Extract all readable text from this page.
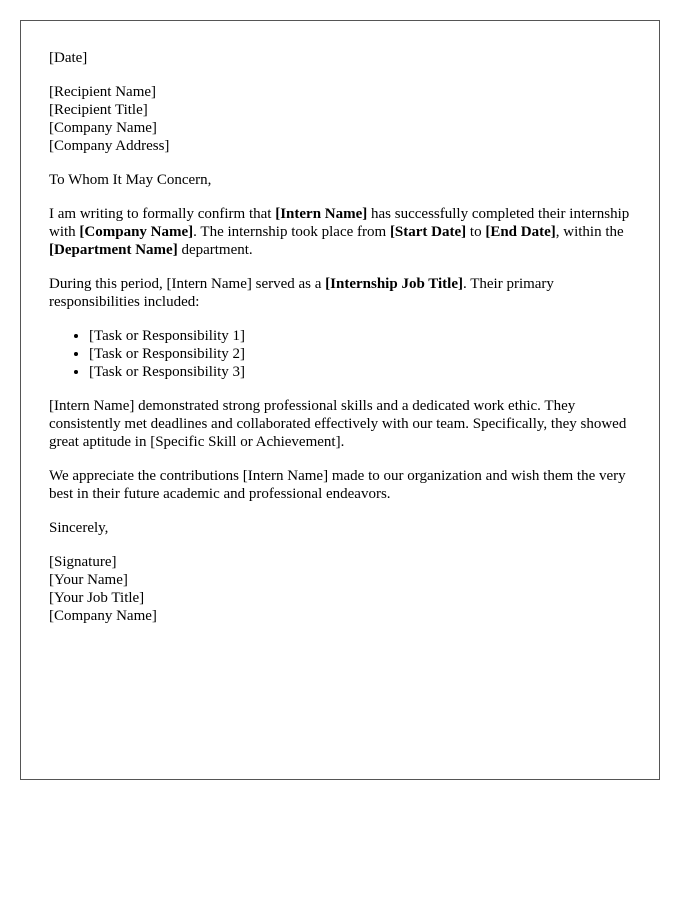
[Date]
[Recipient Name]
[Recipient Title]
[Company Name]
[Company Address]

To Whom It May Concern,

I am writing to formally confirm that [Intern Name] has successfully completed their internship with [Company Name]. The internship took place from [Start Date] to [End Date], within the [Department Name] department.

During this period, [Intern Name] served as a [Internship Job Title]. Their primary responsibilities included:

• [Task or Responsibility 1]
• [Task or Responsibility 2]
• [Task or Responsibility 3]

[Intern Name] demonstrated strong professional skills and a dedicated work ethic. They consistently met deadlines and collaborated effectively with our team. Specifically, they showed great aptitude in [Specific Skill or Achievement].

We appreciate the contributions [Intern Name] made to our organization and wish them the very best in their future academic and professional endeavors.

Sincerely,

[Signature]
[Your Name]
[Your Job Title]
[Company Name]
